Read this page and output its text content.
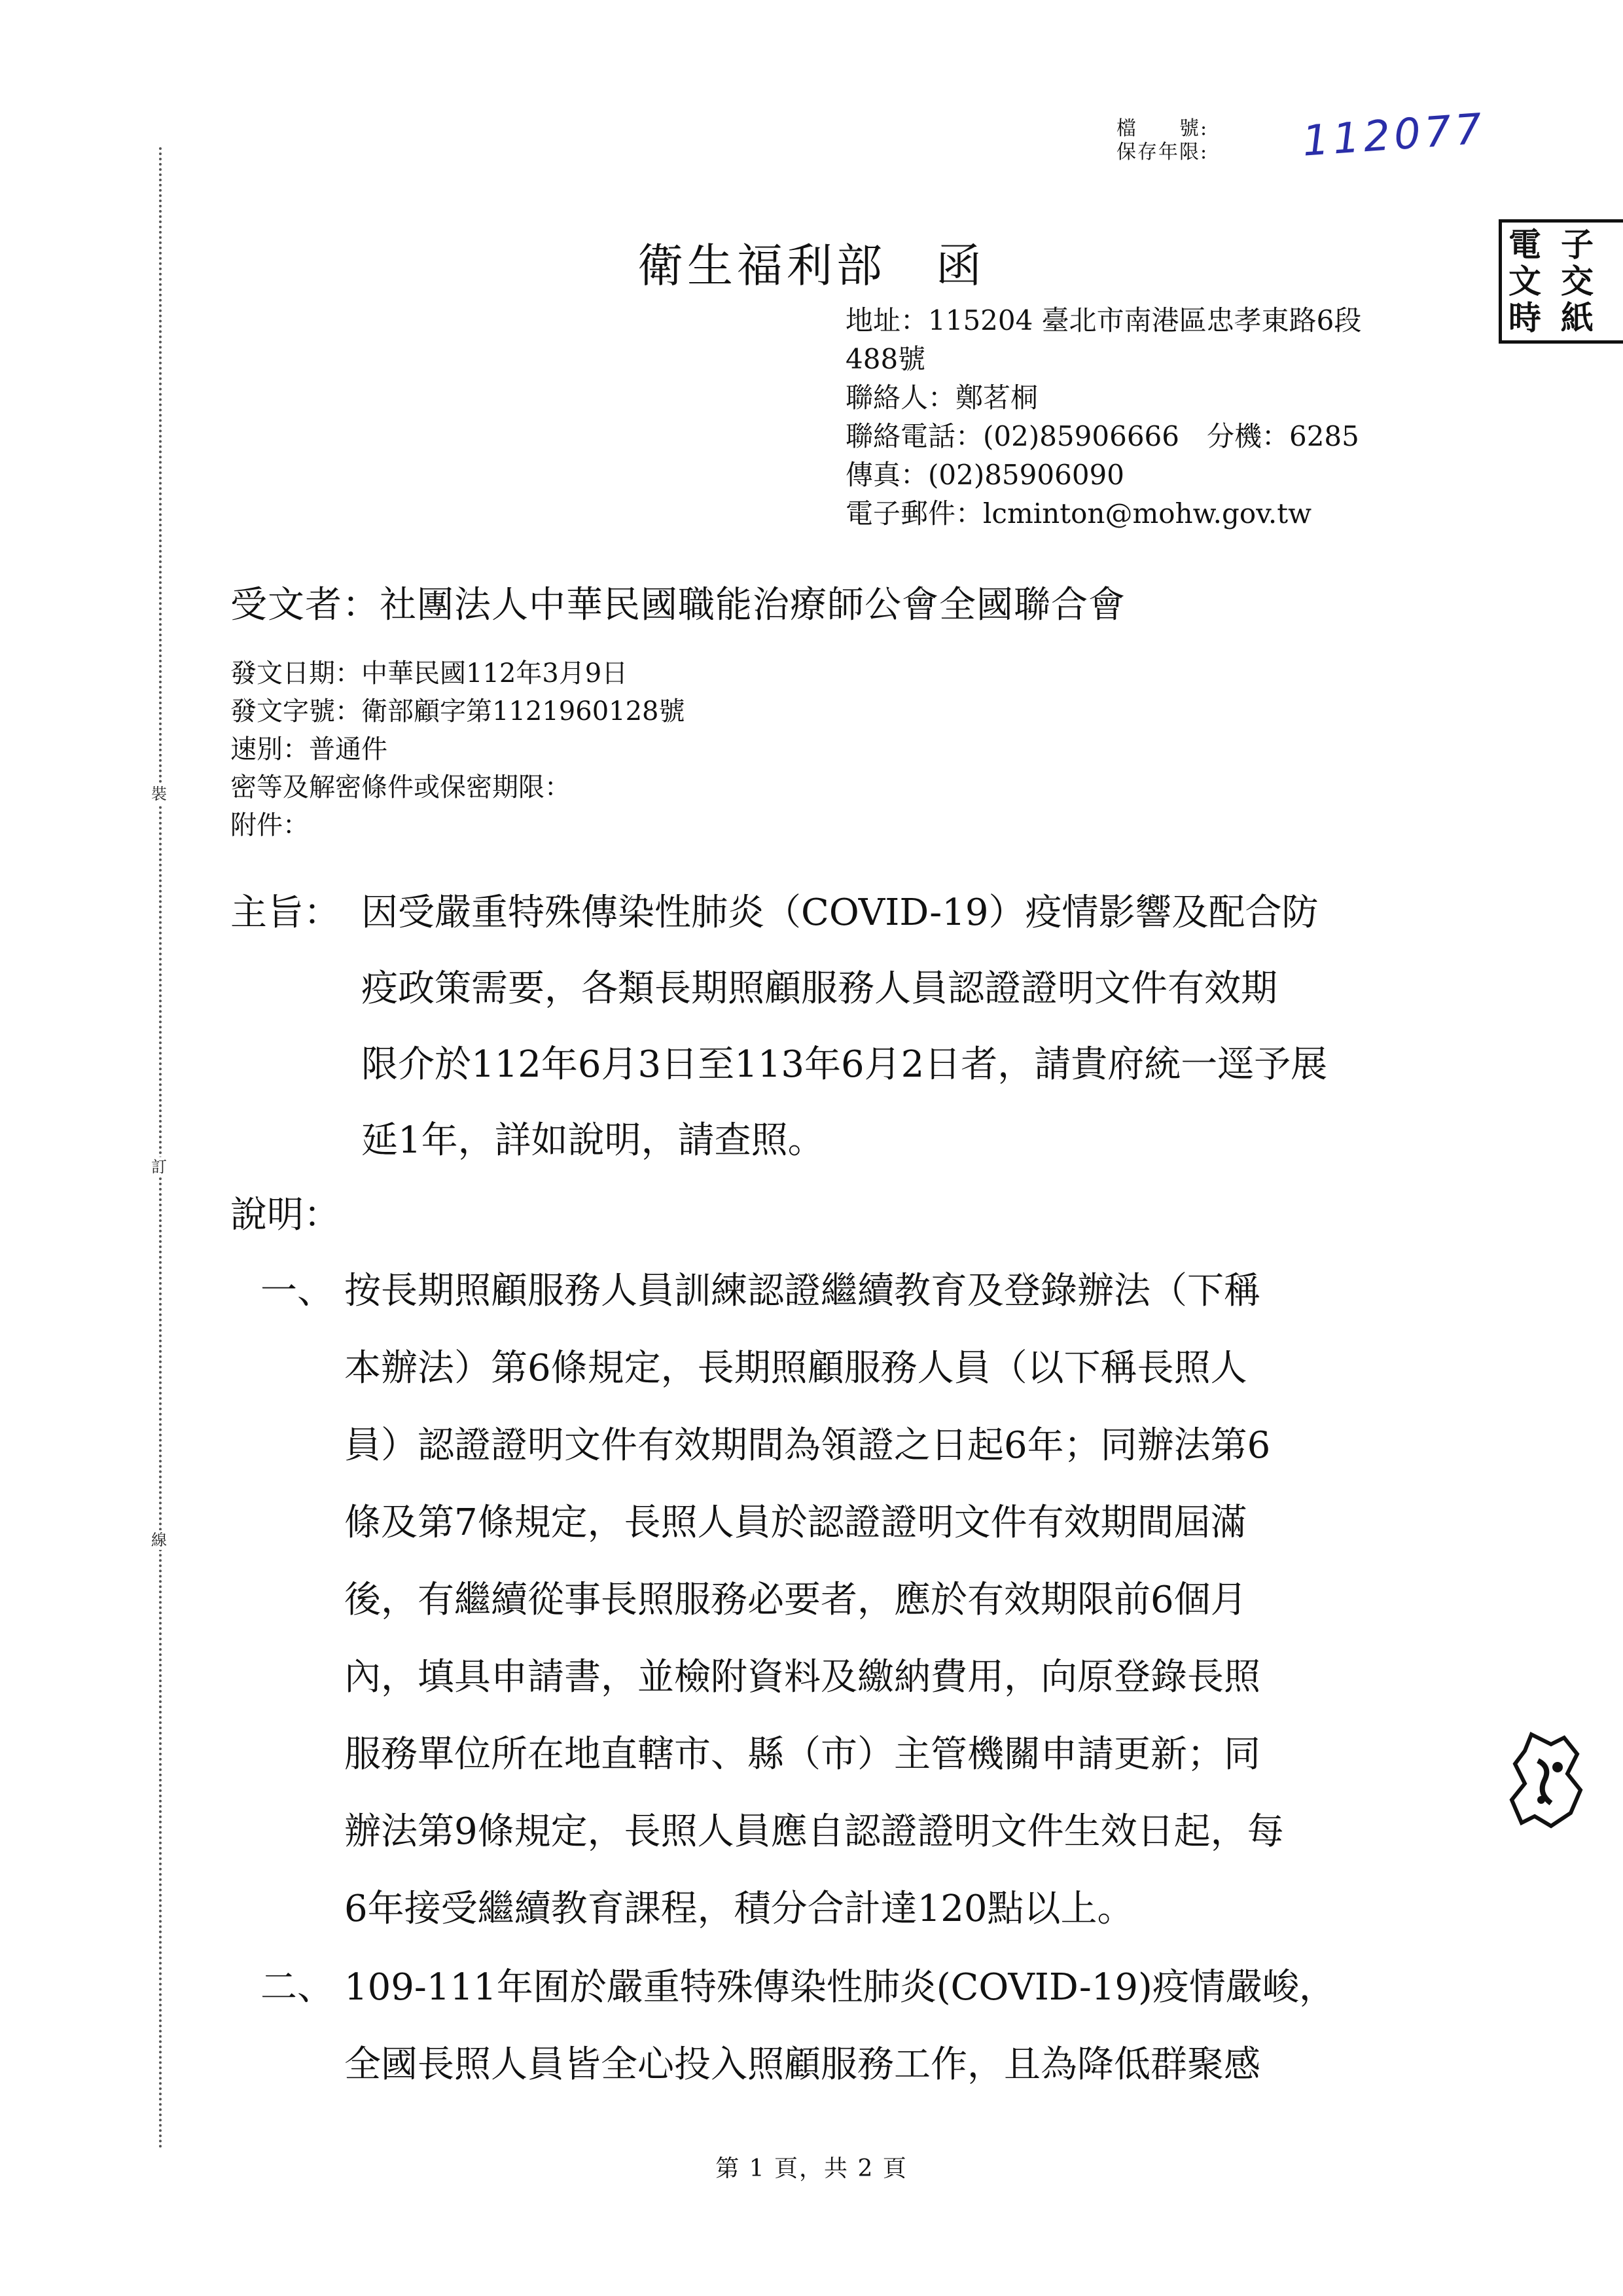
裝
訂
線
檔　　號:
保存年限: 112077
電 子
文 交
時 紙
衛生福利部　函
地址：115204 臺北市南港區忠孝東路6段
488號
聯絡人：鄭茗桐
聯絡電話：(02)85906666　分機：6285
傳真：(02)85906090
電子郵件：lcminton@mohw.gov.tw
受文者：社團法人中華民國職能治療師公會全國聯合會
發文日期：中華民國112年3月9日
發文字號：衛部顧字第1121960128號
速別：普通件
密等及解密條件或保密期限：
附件：
主旨： 因受嚴重特殊傳染性肺炎（COVID-19）疫情影響及配合防
疫政策需要，各類長期照顧服務人員認證證明文件有效期
限介於112年6月3日至113年6月2日者，請貴府統一逕予展
延1年，詳如說明，請查照。
說明：
一、 按長期照顧服務人員訓練認證繼續教育及登錄辦法（下稱
本辦法）第6條規定，長期照顧服務人員（以下稱長照人
員）認證證明文件有效期間為領證之日起6年；同辦法第6
條及第7條規定，長照人員於認證證明文件有效期間屆滿
後，有繼續從事長照服務必要者，應於有效期限前6個月
內，填具申請書，並檢附資料及繳納費用，向原登錄長照
服務單位所在地直轄市、縣（市）主管機關申請更新；同
辦法第9條規定，長照人員應自認證證明文件生效日起，每
6年接受繼續教育課程，積分合計達120點以上。
二、 109-111年囿於嚴重特殊傳染性肺炎(COVID-19)疫情嚴峻，
全國長照人員皆全心投入照顧服務工作，且為降低群聚感
第 1 頁，共 2 頁
